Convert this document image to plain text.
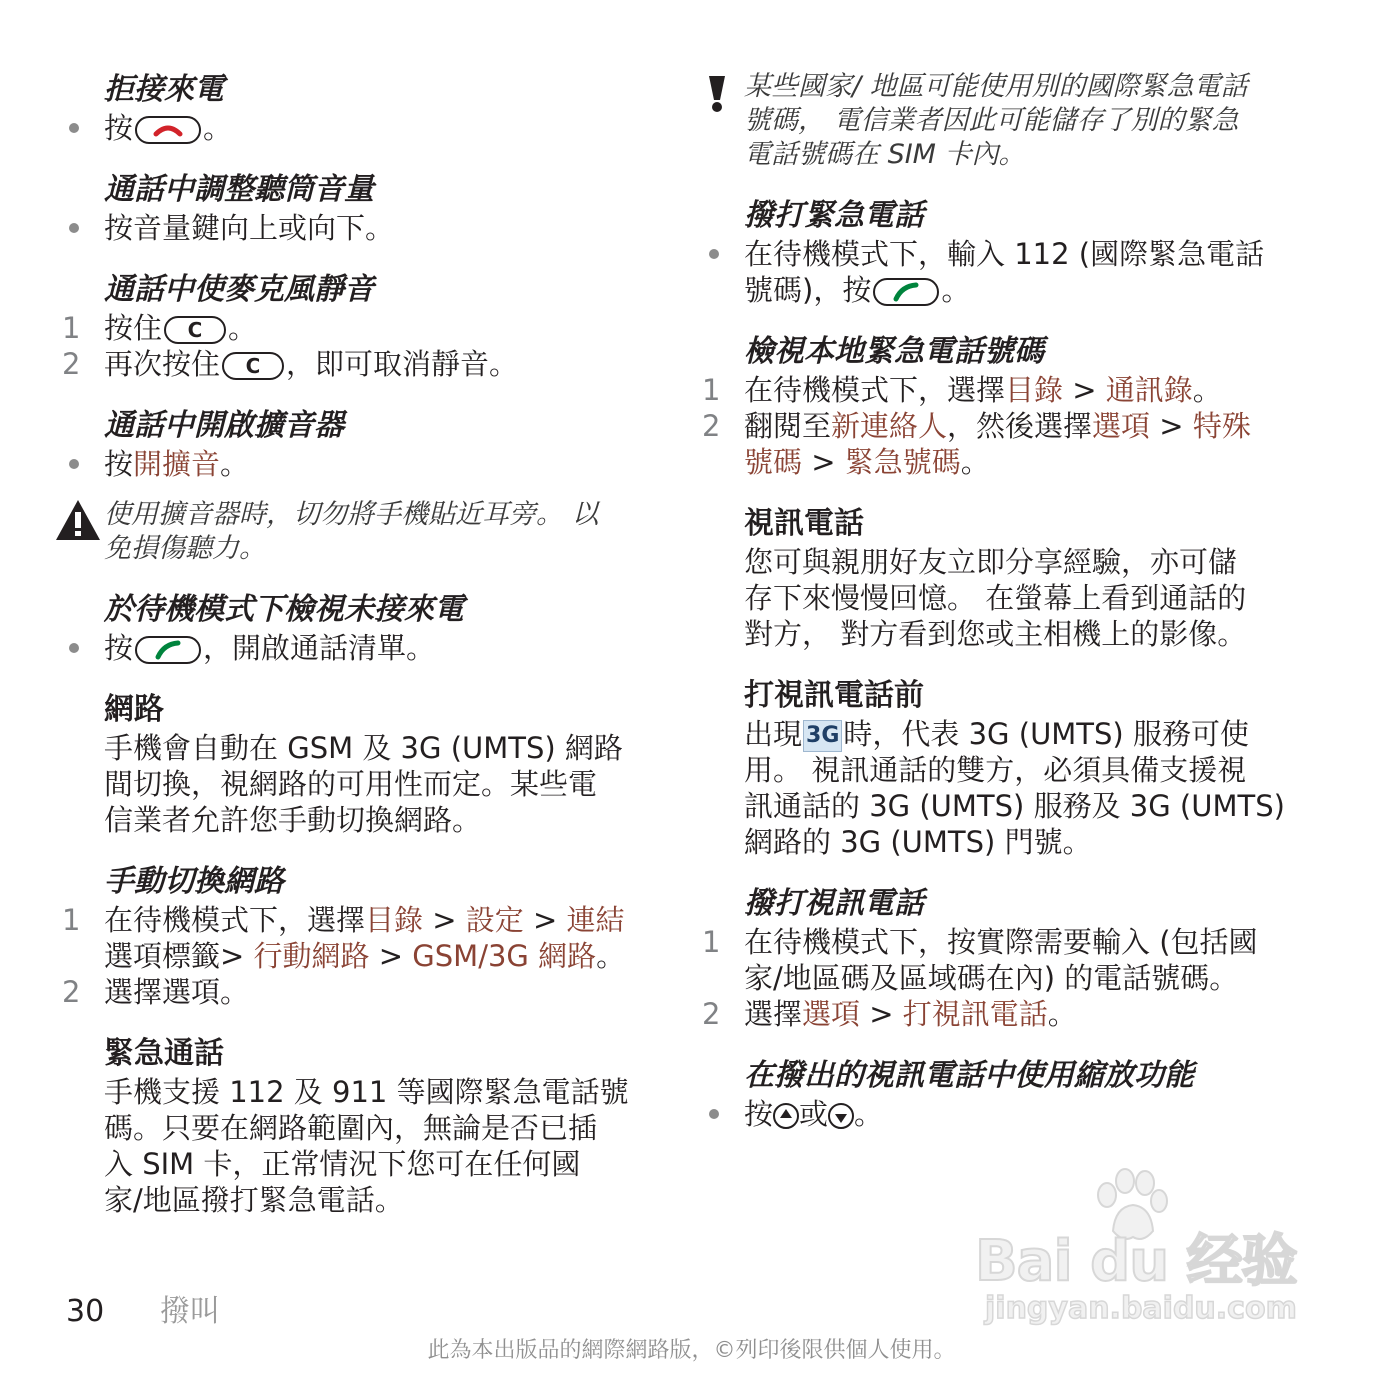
拒接來電
按 。
通話中調整聽筒音量
按音量鍵向上或向下。
通話中使麥克風靜音
1 按住 C 。
2 再次按住 C ，即可取消靜音。
通話中開啟擴音器
按開擴音。
使用擴音器時，切勿將手機貼近耳旁。 以
免損傷聽力。
於待機模式下檢視未接來電
按 ，開啟通話清單。
網路
手機會自動在 GSM 及 3G (UMTS) 網路
間切換，視網路的可用性而定。某些電
信業者允許您手動切換網路。
手動切換網路
1 在待機模式下，選擇目錄 > 設定 > 連結
選項標籤> 行動網路 > GSM/3G 網路。
2 選擇選項。
緊急通話
手機支援 112 及 911 等國際緊急電話號
碼。只要在網路範圍內，無論是否已插
入 SIM 卡，正常情況下您可在任何國
家/地區撥打緊急電話。
某些國家/ 地區可能使用別的國際緊急電話
號碼， 電信業者因此可能儲存了別的緊急
電話號碼在 SIM 卡內。
撥打緊急電話
在待機模式下，輸入 112 (國際緊急電話
號碼)，按 。
檢視本地緊急電話號碼
1 在待機模式下，選擇目錄 > 通訊錄。
2 翻閱至新連絡人，然後選擇選項 > 特殊
號碼 > 緊急號碼。
視訊電話
您可與親朋好友立即分享經驗，亦可儲
存下來慢慢回憶。 在螢幕上看到通話的
對方， 對方看到您或主相機上的影像。
打視訊電話前
出現 3G 時，代表 3G (UMTS) 服務可使
用。 視訊通話的雙方，必須具備支援視
訊通話的 3G (UMTS) 服務及 3G (UMTS)
網路的 3G (UMTS) 門號。
撥打視訊電話
1 在待機模式下，按實際需要輸入 (包括國
家/地區碼及區域碼在內) 的電話號碼。
2 選擇選項 > 打視訊電話。
在撥出的視訊電話中使用縮放功能
按 或 。
30 撥叫
此為本出版品的網際網路版，©列印後限供個人使用。
Bai du 经验
jingyan.baidu.com
